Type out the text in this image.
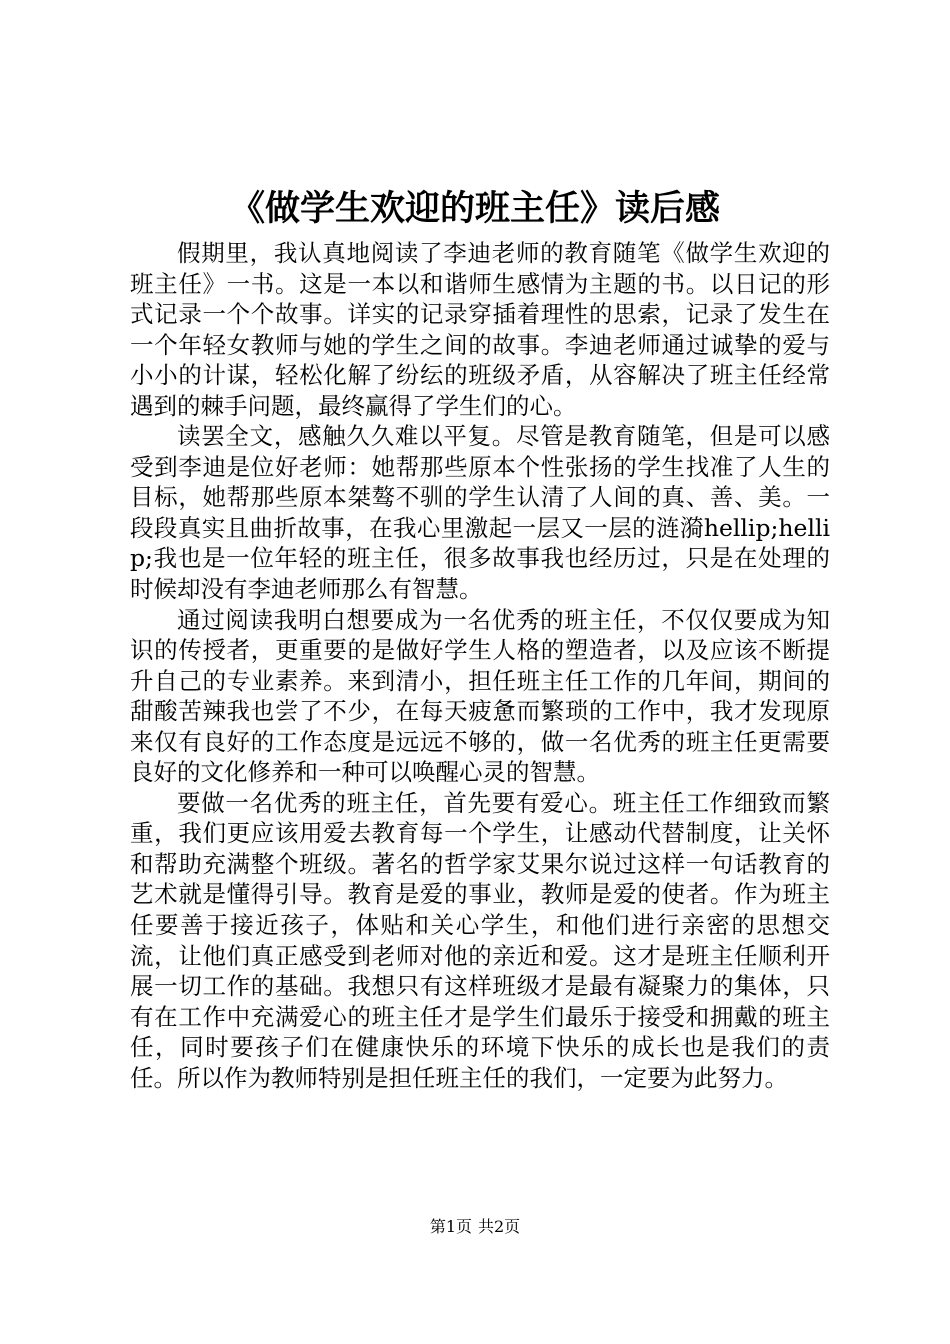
《做学生欢迎的班主任》读后感

假期里，我认真地阅读了李迪老师的教育随笔《做学生欢迎的班主任》一书。这是一本以和谐师生感情为主题的书。以日记的形式记录一个个故事。详实的记录穿插着理性的思索，记录了发生在一个年轻女教师与她的学生之间的故事。李迪老师通过诚挚的爱与小小的计谋，轻松化解了纷纭的班级矛盾，从容解决了班主任经常遇到的棘手问题，最终赢得了学生们的心。

读罢全文，感触久久难以平复。尽管是教育随笔，但是可以感受到李迪是位好老师：她帮那些原本个性张扬的学生找准了人生的目标，她帮那些原本桀骜不驯的学生认清了人间的真、善、美。一段段真实且曲折故事，在我心里激起一层又一层的涟漪hellip;hellip;我也是一位年轻的班主任，很多故事我也经历过，只是在处理的时候却没有李迪老师那么有智慧。

通过阅读我明白想要成为一名优秀的班主任，不仅仅要成为知识的传授者，更重要的是做好学生人格的塑造者，以及应该不断提升自己的专业素养。来到清小，担任班主任工作的几年间，期间的甜酸苦辣我也尝了不少，在每天疲惫而繁琐的工作中，我才发现原来仅有良好的工作态度是远远不够的，做一名优秀的班主任更需要良好的文化修养和一种可以唤醒心灵的智慧。

要做一名优秀的班主任，首先要有爱心。班主任工作细致而繁重，我们更应该用爱去教育每一个学生，让感动代替制度，让关怀和帮助充满整个班级。著名的哲学家艾果尔说过这样一句话教育的艺术就是懂得引导。教育是爱的事业，教师是爱的使者。作为班主任要善于接近孩子，体贴和关心学生，和他们进行亲密的思想交流，让他们真正感受到老师对他的亲近和爱。这才是班主任顺利开展一切工作的基础。我想只有这样班级才是最有凝聚力的集体，只有在工作中充满爱心的班主任才是学生们最乐于接受和拥戴的班主任，同时要孩子们在健康快乐的环境下快乐的成长也是我们的责任。所以作为教师特别是担任班主任的我们，一定要为此努力。

第1页 共2页
